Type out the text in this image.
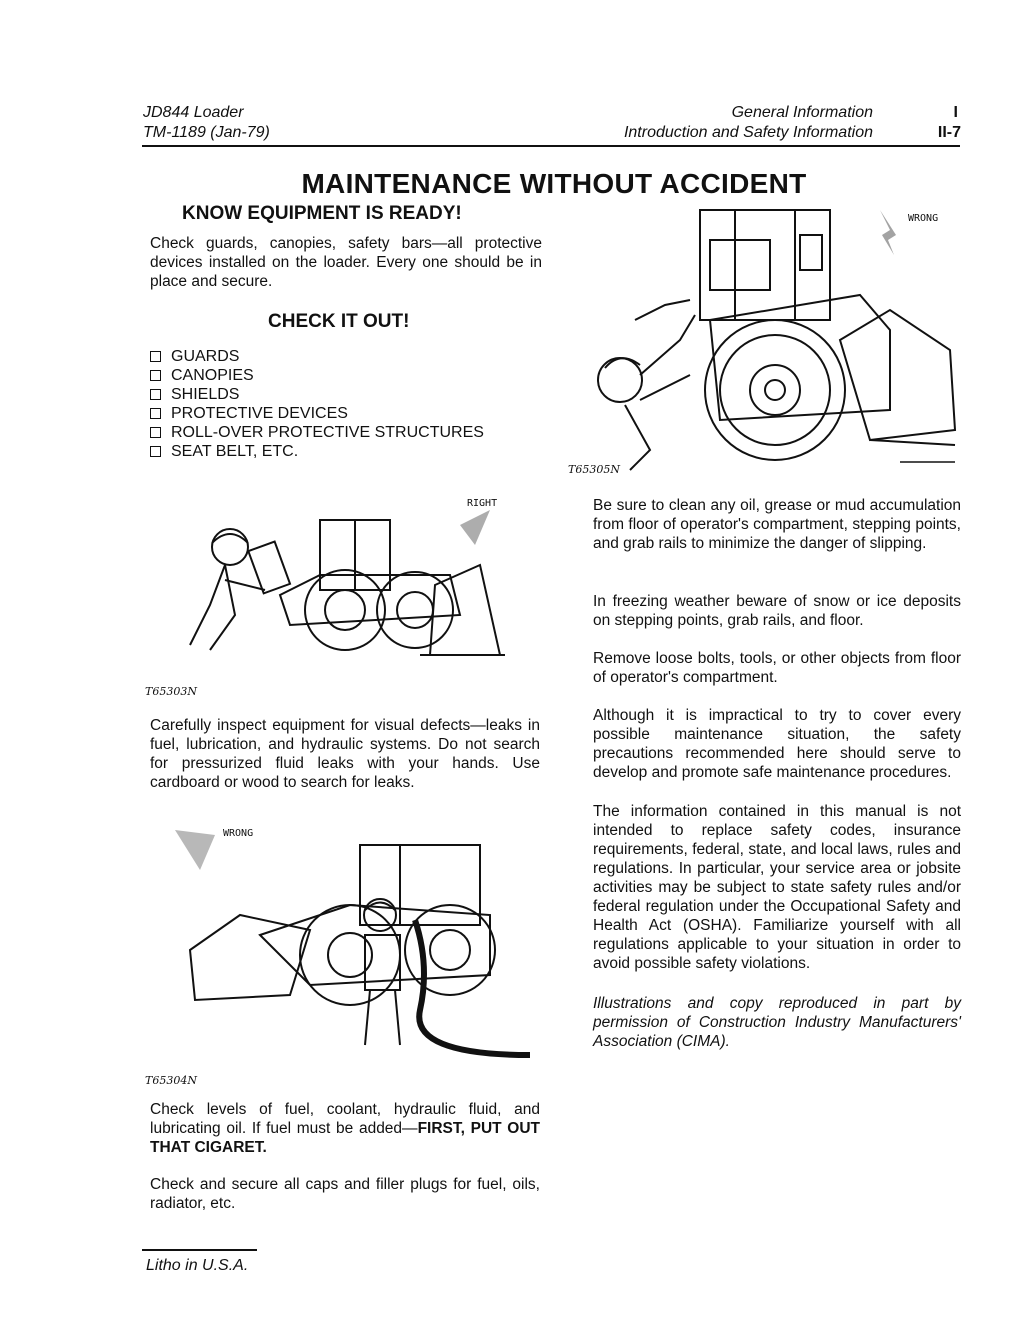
JD844 Loader
TM-1189 (Jan-79)
General Information
Introduction and Safety Information
I
II-7
MAINTENANCE WITHOUT ACCIDENT
KNOW EQUIPMENT IS READY!
Check guards, canopies, safety bars—all protective devices installed on the loader. Every one should be in place and secure.
CHECK IT OUT!
GUARDS
CANOPIES
SHIELDS
PROTECTIVE DEVICES
ROLL-OVER PROTECTIVE STRUCTURES
SEAT BELT, ETC.
WRONG
T65305N
RIGHT
T65303N
Carefully inspect equipment for visual defects—leaks in fuel, lubrication, and hydraulic systems. Do not search for pressurized fluid leaks with your hands. Use cardboard or wood to search for leaks.
WRONG
T65304N
Check levels of fuel, coolant, hydraulic fluid, and lubricating oil. If fuel must be added—FIRST, PUT OUT THAT CIGARET.
Check and secure all caps and filler plugs for fuel, oils, radiator, etc.
Be sure to clean any oil, grease or mud accumulation from floor of operator's compartment, stepping points, and grab rails to minimize the danger of slipping.
In freezing weather beware of snow or ice deposits on stepping points, grab rails, and floor.
Remove loose bolts, tools, or other objects from floor of operator's compartment.
Although it is impractical to try to cover every possible maintenance situation, the safety precautions recommended here should serve to develop and promote safe maintenance procedures.
The information contained in this manual is not intended to replace safety codes, insurance requirements, federal, state, and local laws, rules and regulations. In particular, your service area or jobsite activities may be subject to state safety rules and/or federal regulation under the Occupational Safety and Health Act (OSHA). Familiarize yourself with all regulations applicable to your situation in order to avoid possible safety violations.
Illustrations and copy reproduced in part by permission of Construction Industry Manufacturers' Association (CIMA).
Litho in U.S.A.
